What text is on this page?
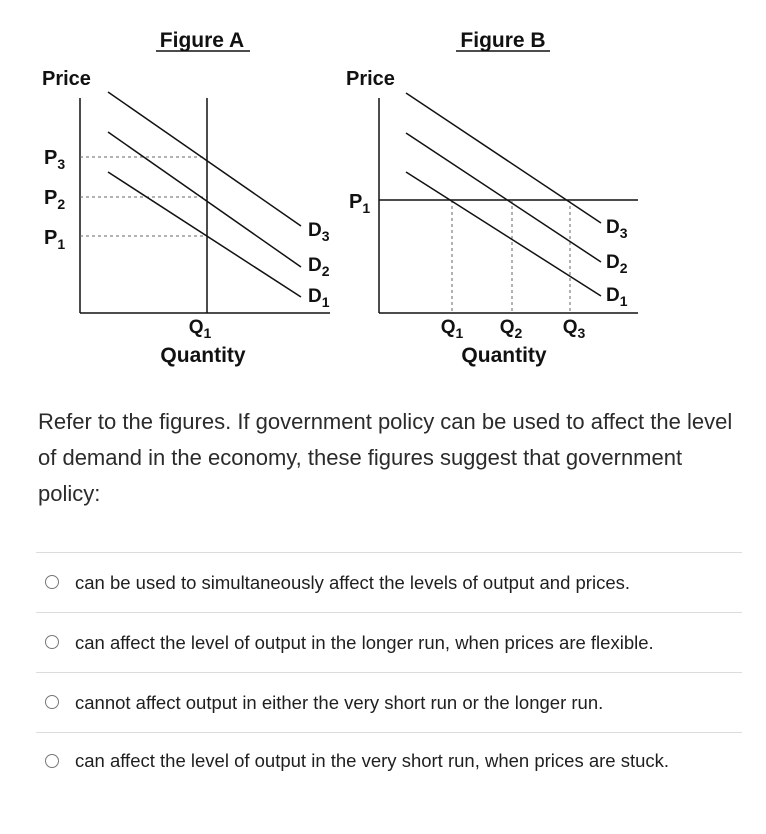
Figure A
Price
$P_3$
$P_2$
$P_1$
$D_3$
$D_2$
$D_1$
$Q_1$
Quantity
Figure B
Price
$P_1$
$D_3$
$D_2$
$D_1$
$Q_1$ $Q_2$ $Q_3$
Quantity
Refer to the figures. If government policy can be used to affect the level of demand in the economy, these figures suggest that government policy:
can be used to simultaneously affect the levels of output and prices.
can affect the level of output in the longer run, when prices are flexible.
cannot affect output in either the very short run or the longer run.
can affect the level of output in the very short run, when prices are stuck.
